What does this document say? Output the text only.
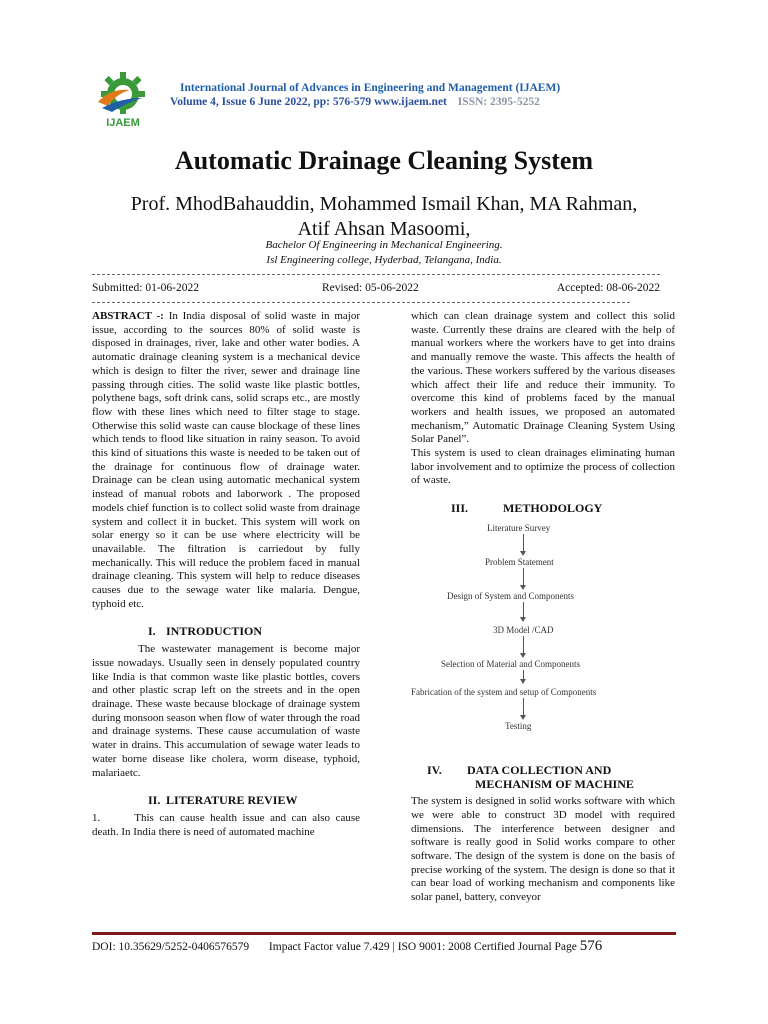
IJAEM
International Journal of Advances in Engineering and Management (IJAEM)
Volume 4, Issue 6 June 2022, pp: 576-579 www.ijaem.net ISSN: 2395-5252
Automatic Drainage Cleaning System
Prof. MhodBahauddin, Mohammed Ismail Khan, MA Rahman, Atif Ahsan Masoomi,
Bachelor Of Engineering in Mechanical Engineering.
Isl Engineering college, Hyderbad, Telangana, India.
Submitted: 01-06-2022	Revised: 05-06-2022	Accepted: 08-06-2022

ABSTRACT -: In India disposal of solid waste in major issue, according to the sources 80% of solid waste is disposed in drainages, river, lake and other water bodies. A automatic drainage cleaning system is a mechanical device which is design to filter the river, sewer and drainage line passing through cities. The solid waste like plastic bottles, polythene bags, soft drink cans, solid scraps etc., are mostly flow with these lines which need to filter stage to stage. Otherwise this solid waste can cause blockage of these lines which tends to flood like situation in rainy season. To avoid this kind of situations this waste is needed to be taken out of the drainage for continuous flow of drainage water. Drainage can be clean using automatic mechanical system instead of manual robots and laborwork . The proposed models chief function is to collect solid waste from drainage system and collect it in bucket. This system will work on solar energy so it can be use where electricity will be unavailable. The filtration is carriedout by fully mechanically. This will reduce the problem faced in manual drainage cleaning. This system will help to reduce diseases causes due to the sewage water like malaria. Dengue, typhoid etc.

I. INTRODUCTION

The wastewater management is become major issue nowadays. Usually seen in densely populated country like India is that common waste like plastic bottles, covers and other plastic scrap left on the streets and in the open drainage. These waste because blockage of drainage system during monsoon season when flow of water through the road and drainage systems. These cause accumulation of waste water in drains. This accumulation of sewage water leads to water borne disease like cholera, worm disease, typhoid, malariaetc.

II. LITERATURE REVIEW

1.	This can cause health issue and can also cause death. In India there is need of automated machine

which can clean drainage system and collect this solid waste. Currently these drains are cleared with the help of manual workers where the workers have to get into drains and manually remove the waste. This affects the health of the various. These workers suffered by the various diseases which affect their life and reduce their immunity. To overcome this kind of problems faced by the manual workers and health issues, we proposed an automated mechanism,” Automatic Drainage Cleaning System Using Solar Panel”.

This system is used to clean drainages eliminating human labor involvement and to optimize the process of collection of waste.

III.	METHODOLOGY
Literature Survey
Problem Statement
Design of System and Components
3D Model /CAD
Selection of Material and Components
Fabrication of the system and setup of Components
Testing
IV. DATA COLLECTION AND
MECHANISM OF MACHINE

The system is designed in solid works software with which we were able to construct 3D model with required dimensions. The interference between designer and software is really good in Solid works compare to other software. The design of the system is done on the basis of precise working of the system. The design is done so that it can bear load of working mechanism and components like solar panel, battery, conveyor

DOI: 10.35629/5252-0406576579 Impact Factor value 7.429 | ISO 9001: 2008 Certified Journal Page 576
